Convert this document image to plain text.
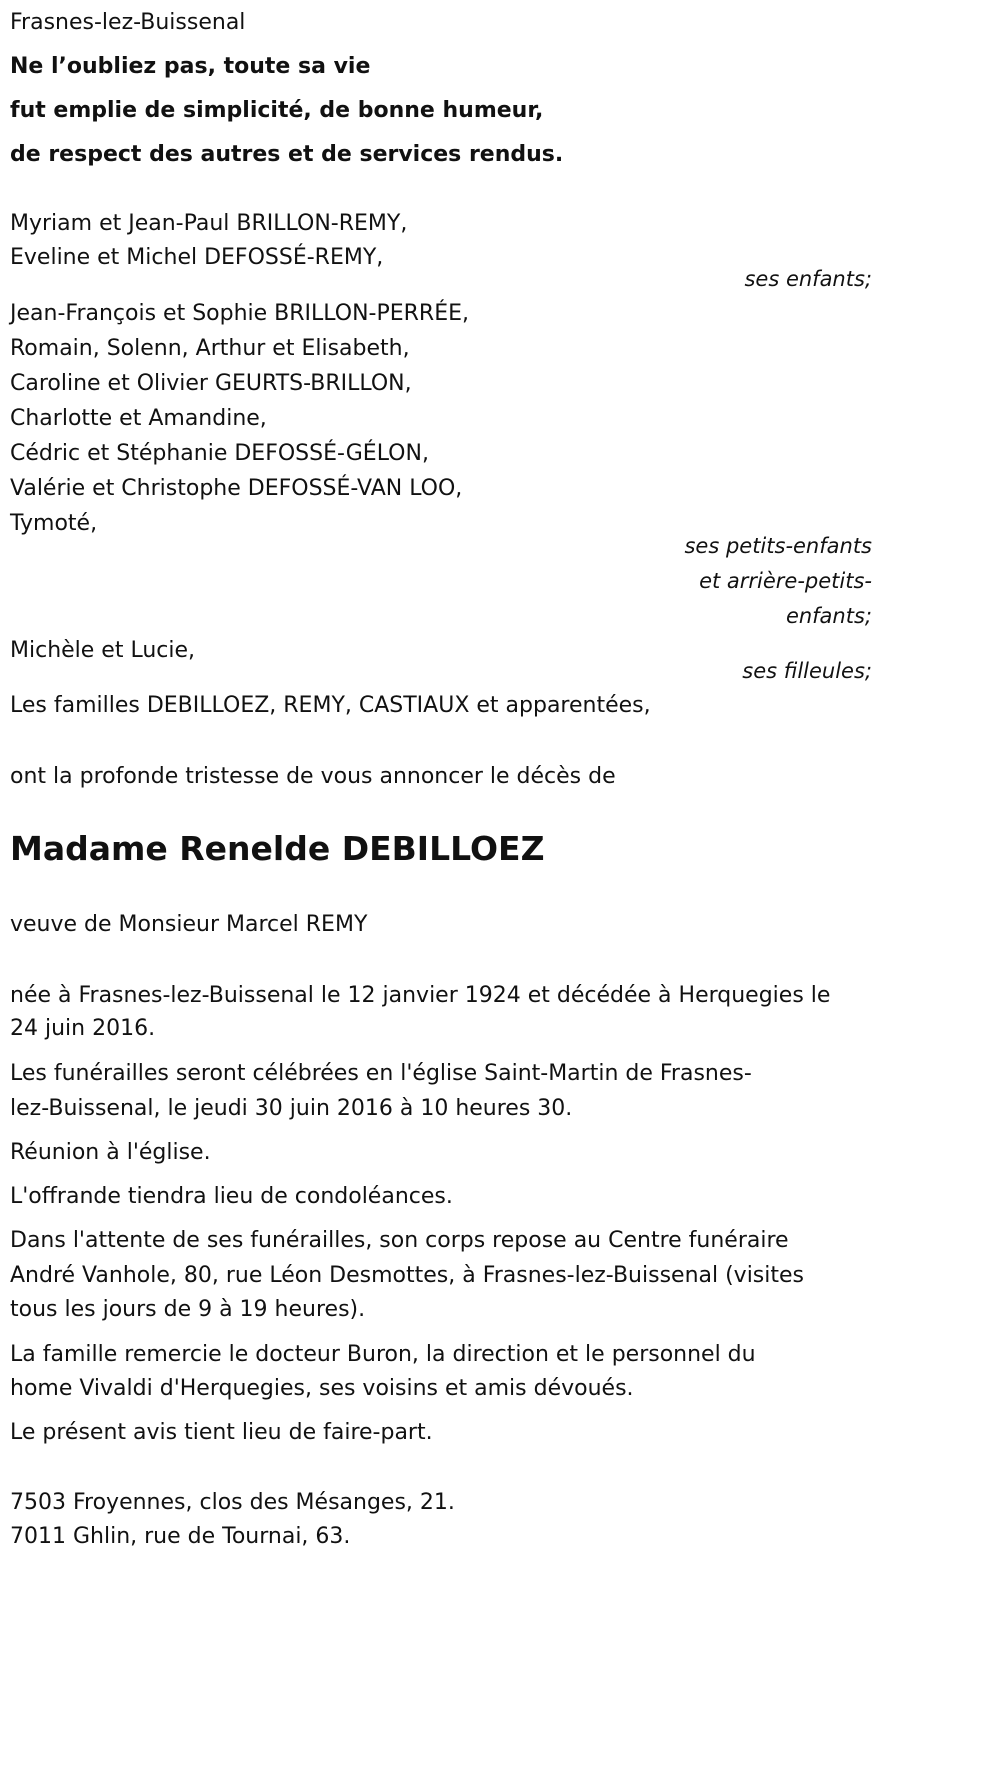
Frasnes-lez-Buissenal
Ne l’oubliez pas, toute sa vie
fut emplie de simplicité, de bonne humeur,
de respect des autres et de services rendus.
Myriam et Jean-Paul BRILLON-REMY,
Eveline et Michel DEFOSSÉ-REMY,
ses enfants;
Jean-François et Sophie BRILLON-PERRÉE,
Romain, Solenn, Arthur et Elisabeth,
Caroline et Olivier GEURTS-BRILLON,
Charlotte et Amandine,
Cédric et Stéphanie DEFOSSÉ-GÉLON,
Valérie et Christophe DEFOSSÉ-VAN LOO,
Tymoté,
ses petits-enfants
et arrière-petits-
enfants;
Michèle et Lucie,
ses filleules;
Les familles DEBILLOEZ, REMY, CASTIAUX et apparentées,
ont la profonde tristesse de vous annoncer le décès de
Madame Renelde DEBILLOEZ
veuve de Monsieur Marcel REMY
née à Frasnes-lez-Buissenal le 12 janvier 1924 et décédée à Herquegies le
24 juin 2016.
Les funérailles seront célébrées en l'église Saint-Martin de Frasnes-
lez-Buissenal, le jeudi 30 juin 2016 à 10 heures 30.
Réunion à l'église.
L'offrande tiendra lieu de condoléances.
Dans l'attente de ses funérailles, son corps repose au Centre funéraire
André Vanhole, 80, rue Léon Desmottes, à Frasnes-lez-Buissenal (visites
tous les jours de 9 à 19 heures).
La famille remercie le docteur Buron, la direction et le personnel du
home Vivaldi d'Herquegies, ses voisins et amis dévoués.
Le présent avis tient lieu de faire-part.
7503 Froyennes, clos des Mésanges, 21.
7011 Ghlin, rue de Tournai, 63.
